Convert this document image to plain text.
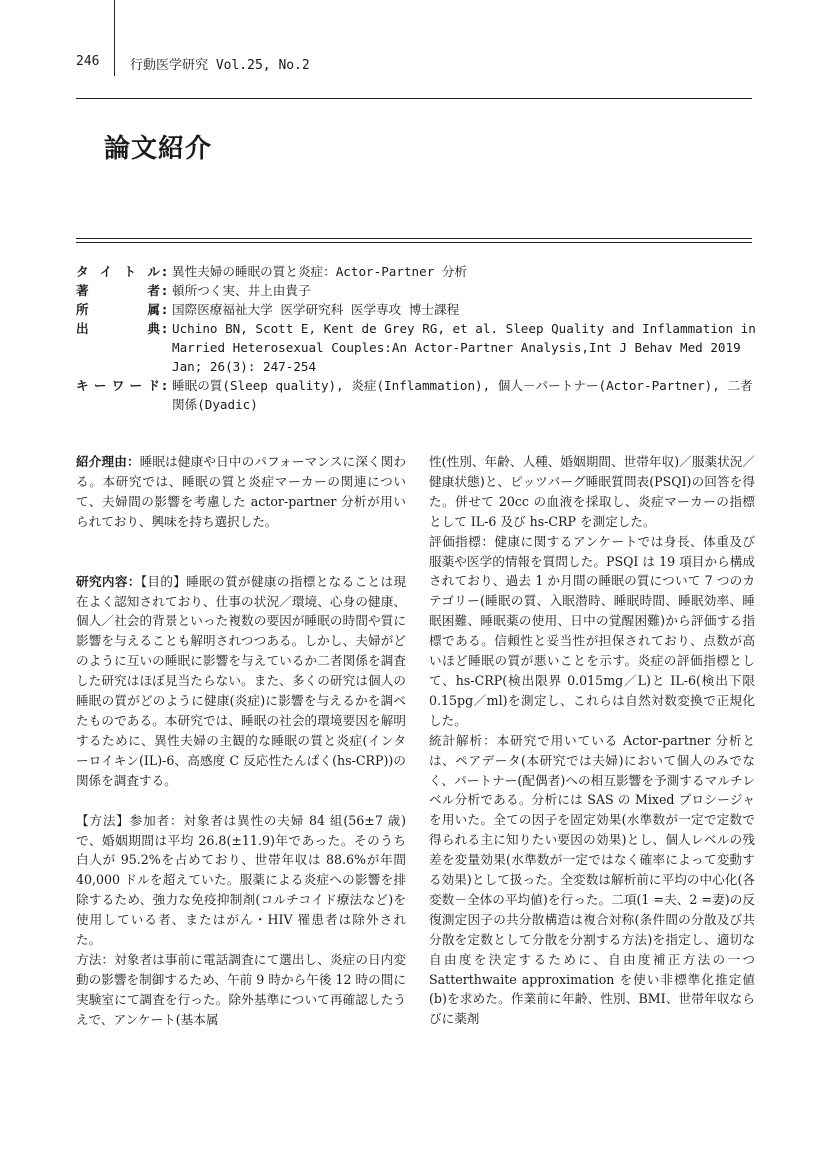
246 行動医学研究 Vol.25, No.2
論文紹介
タイトル : 異性夫婦の睡眠の質と炎症：Actor-Partner 分析
著者 : 頓所つく実、井上由貴子
所属 : 国際医療福祉大学 医学研究科 医学専攻 博士課程
出典 : Uchino BN, Scott E, Kent de Grey RG, et al. Sleep Quality and Inflammation in Married Heterosexual Couples:An Actor-Partner Analysis,Int J Behav Med 2019 Jan; 26(3): 247-254
キーワード : 睡眠の質(Sleep quality), 炎症(Inflammation), 個人－パートナー(Actor-Partner), 二者関係(Dyadic)

紹介理由：睡眠は健康や日中のパフォーマンスに深く関わる。本研究では、睡眠の質と炎症マーカーの関連について、夫婦間の影響を考慮した actor-partner 分析が用いられており、興味を持ち選択した。

研究内容：【目的】睡眠の質が健康の指標となることは現在よく認知されており、仕事の状況／環境、心身の健康、個人／社会的背景といった複数の要因が睡眠の時間や質に影響を与えることも解明されつつある。しかし、夫婦がどのように互いの睡眠に影響を与えているか二者関係を調査した研究はほぼ見当たらない。また、多くの研究は個人の睡眠の質がどのように健康(炎症)に影響を与えるかを調べたものである。本研究では、睡眠の社会的環境要因を解明するために、異性夫婦の主観的な睡眠の質と炎症(インターロイキン(IL)-6、高感度 C 反応性たんぱく(hs-CRP))の関係を調査する。

【方法】参加者：対象者は異性の夫婦 84 組(56±7 歳)で、婚姻期間は平均 26.8(±11.9)年であった。そのうち白人が 95.2%を占めており、世帯年収は 88.6%が年間 40,000 ドルを超えていた。服薬による炎症への影響を排除するため、強力な免疫抑制剤(コルチコイド療法など)を使用している者、またはがん・HIV 罹患者は除外された。

方法：対象者は事前に電話調査にて選出し、炎症の日内変動の影響を制御するため、午前 9 時から午後 12 時の間に実験室にて調査を行った。除外基準について再確認したうえで、アンケート(基本属

性(性別、年齢、人種、婚姻期間、世帯年収)／服薬状況／健康状態)と、ピッツバーグ睡眠質問表(PSQI)の回答を得た。併せて 20cc の血液を採取し、炎症マーカーの指標として IL-6 及び hs-CRP を測定した。

評価指標：健康に関するアンケートでは身長、体重及び服薬や医学的情報を質問した。PSQI は 19 項目から構成されており、過去 1 か月間の睡眠の質について 7 つのカテゴリー(睡眠の質、入眠潜時、睡眠時間、睡眠効率、睡眠困難、睡眠薬の使用、日中の覚醒困難)から評価する指標である。信頼性と妥当性が担保されており、点数が高いほど睡眠の質が悪いことを示す。炎症の評価指標として、hs-CRP(検出限界 0.015mg／L)と IL-6(検出下限 0.15pg／ml)を測定し、これらは自然対数変換で正規化した。

統計解析：本研究で用いている Actor-partner 分析とは、ペアデータ(本研究では夫婦)において個人のみでなく、パートナー(配偶者)への相互影響を予測するマルチレベル分析である。分析には SAS の Mixed プロシージャを用いた。全ての因子を固定効果(水準数が一定で定数で得られる主に知りたい要因の効果)とし、個人レベルの残差を変量効果(水準数が一定ではなく確率によって変動する効果)として扱った。全変数は解析前に平均の中心化(各変数－全体の平均値)を行った。二項(1 =夫、2 =妻)の反復測定因子の共分散構造は複合対称(条件間の分散及び共分散を定数として分散を分割する方法)を指定し、適切な自由度を決定するために、自由度補正方法の一つ Satterthwaite approximation を使い非標準化推定値(b)を求めた。作業前に年齢、性別、BMI、世帯年収ならびに薬剤
